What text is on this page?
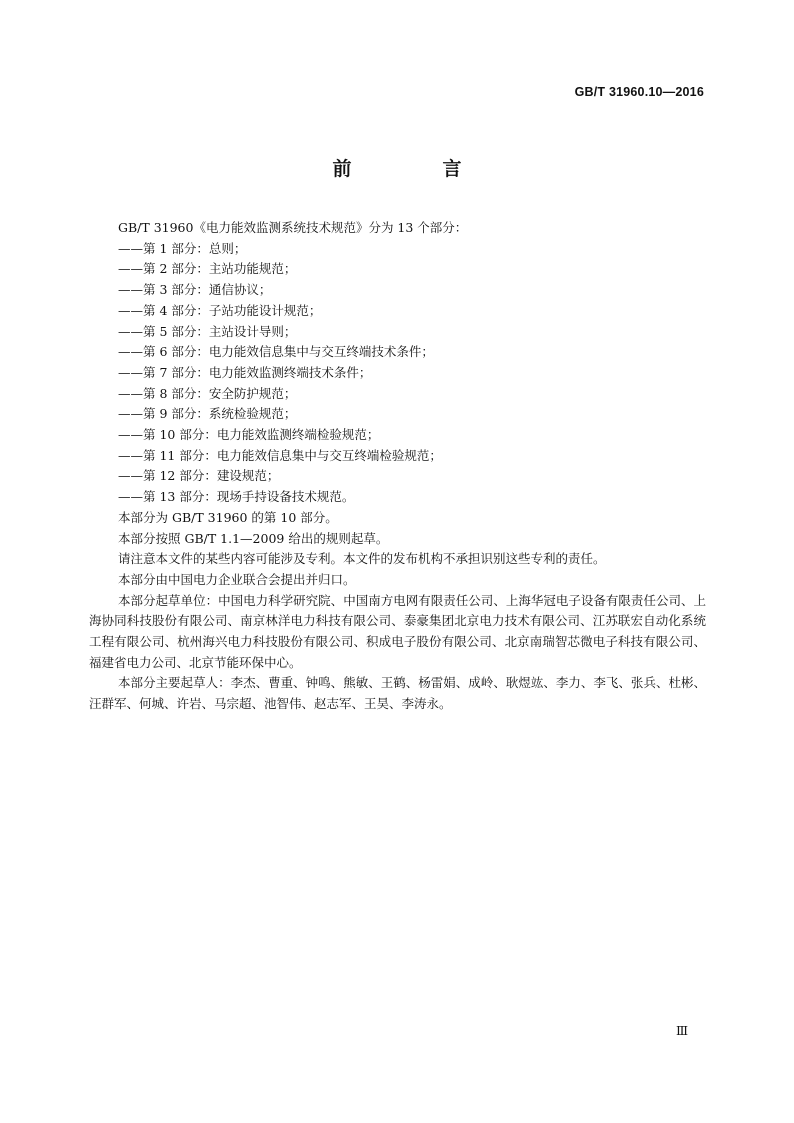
GB/T 31960.10—2016
前　言

GB/T 31960《电力能效监测系统技术规范》分为 13 个部分：

——第 1 部分：总则；

——第 2 部分：主站功能规范；

——第 3 部分：通信协议；

——第 4 部分：子站功能设计规范；

——第 5 部分：主站设计导则；

——第 6 部分：电力能效信息集中与交互终端技术条件；

——第 7 部分：电力能效监测终端技术条件；

——第 8 部分：安全防护规范；

——第 9 部分：系统检验规范；

——第 10 部分：电力能效监测终端检验规范；

——第 11 部分：电力能效信息集中与交互终端检验规范；

——第 12 部分：建设规范；

——第 13 部分：现场手持设备技术规范。

本部分为 GB/T 31960 的第 10 部分。

本部分按照 GB/T 1.1—2009 给出的规则起草。

请注意本文件的某些内容可能涉及专利。本文件的发布机构不承担识别这些专利的责任。

本部分由中国电力企业联合会提出并归口。

本部分起草单位：中国电力科学研究院、中国南方电网有限责任公司、上海华冠电子设备有限责任公司、上海协同科技股份有限公司、南京林洋电力科技有限公司、泰豪集团北京电力技术有限公司、江苏联宏自动化系统工程有限公司、杭州海兴电力科技股份有限公司、积成电子股份有限公司、北京南瑞智芯微电子科技有限公司、福建省电力公司、北京节能环保中心。

本部分主要起草人：李杰、曹重、钟鸣、熊敏、王鹤、杨雷娟、成岭、耿煜竑、李力、李飞、张兵、杜彬、汪群军、何城、许岩、马宗超、池智伟、赵志军、王昊、李涛永。

Ⅲ
